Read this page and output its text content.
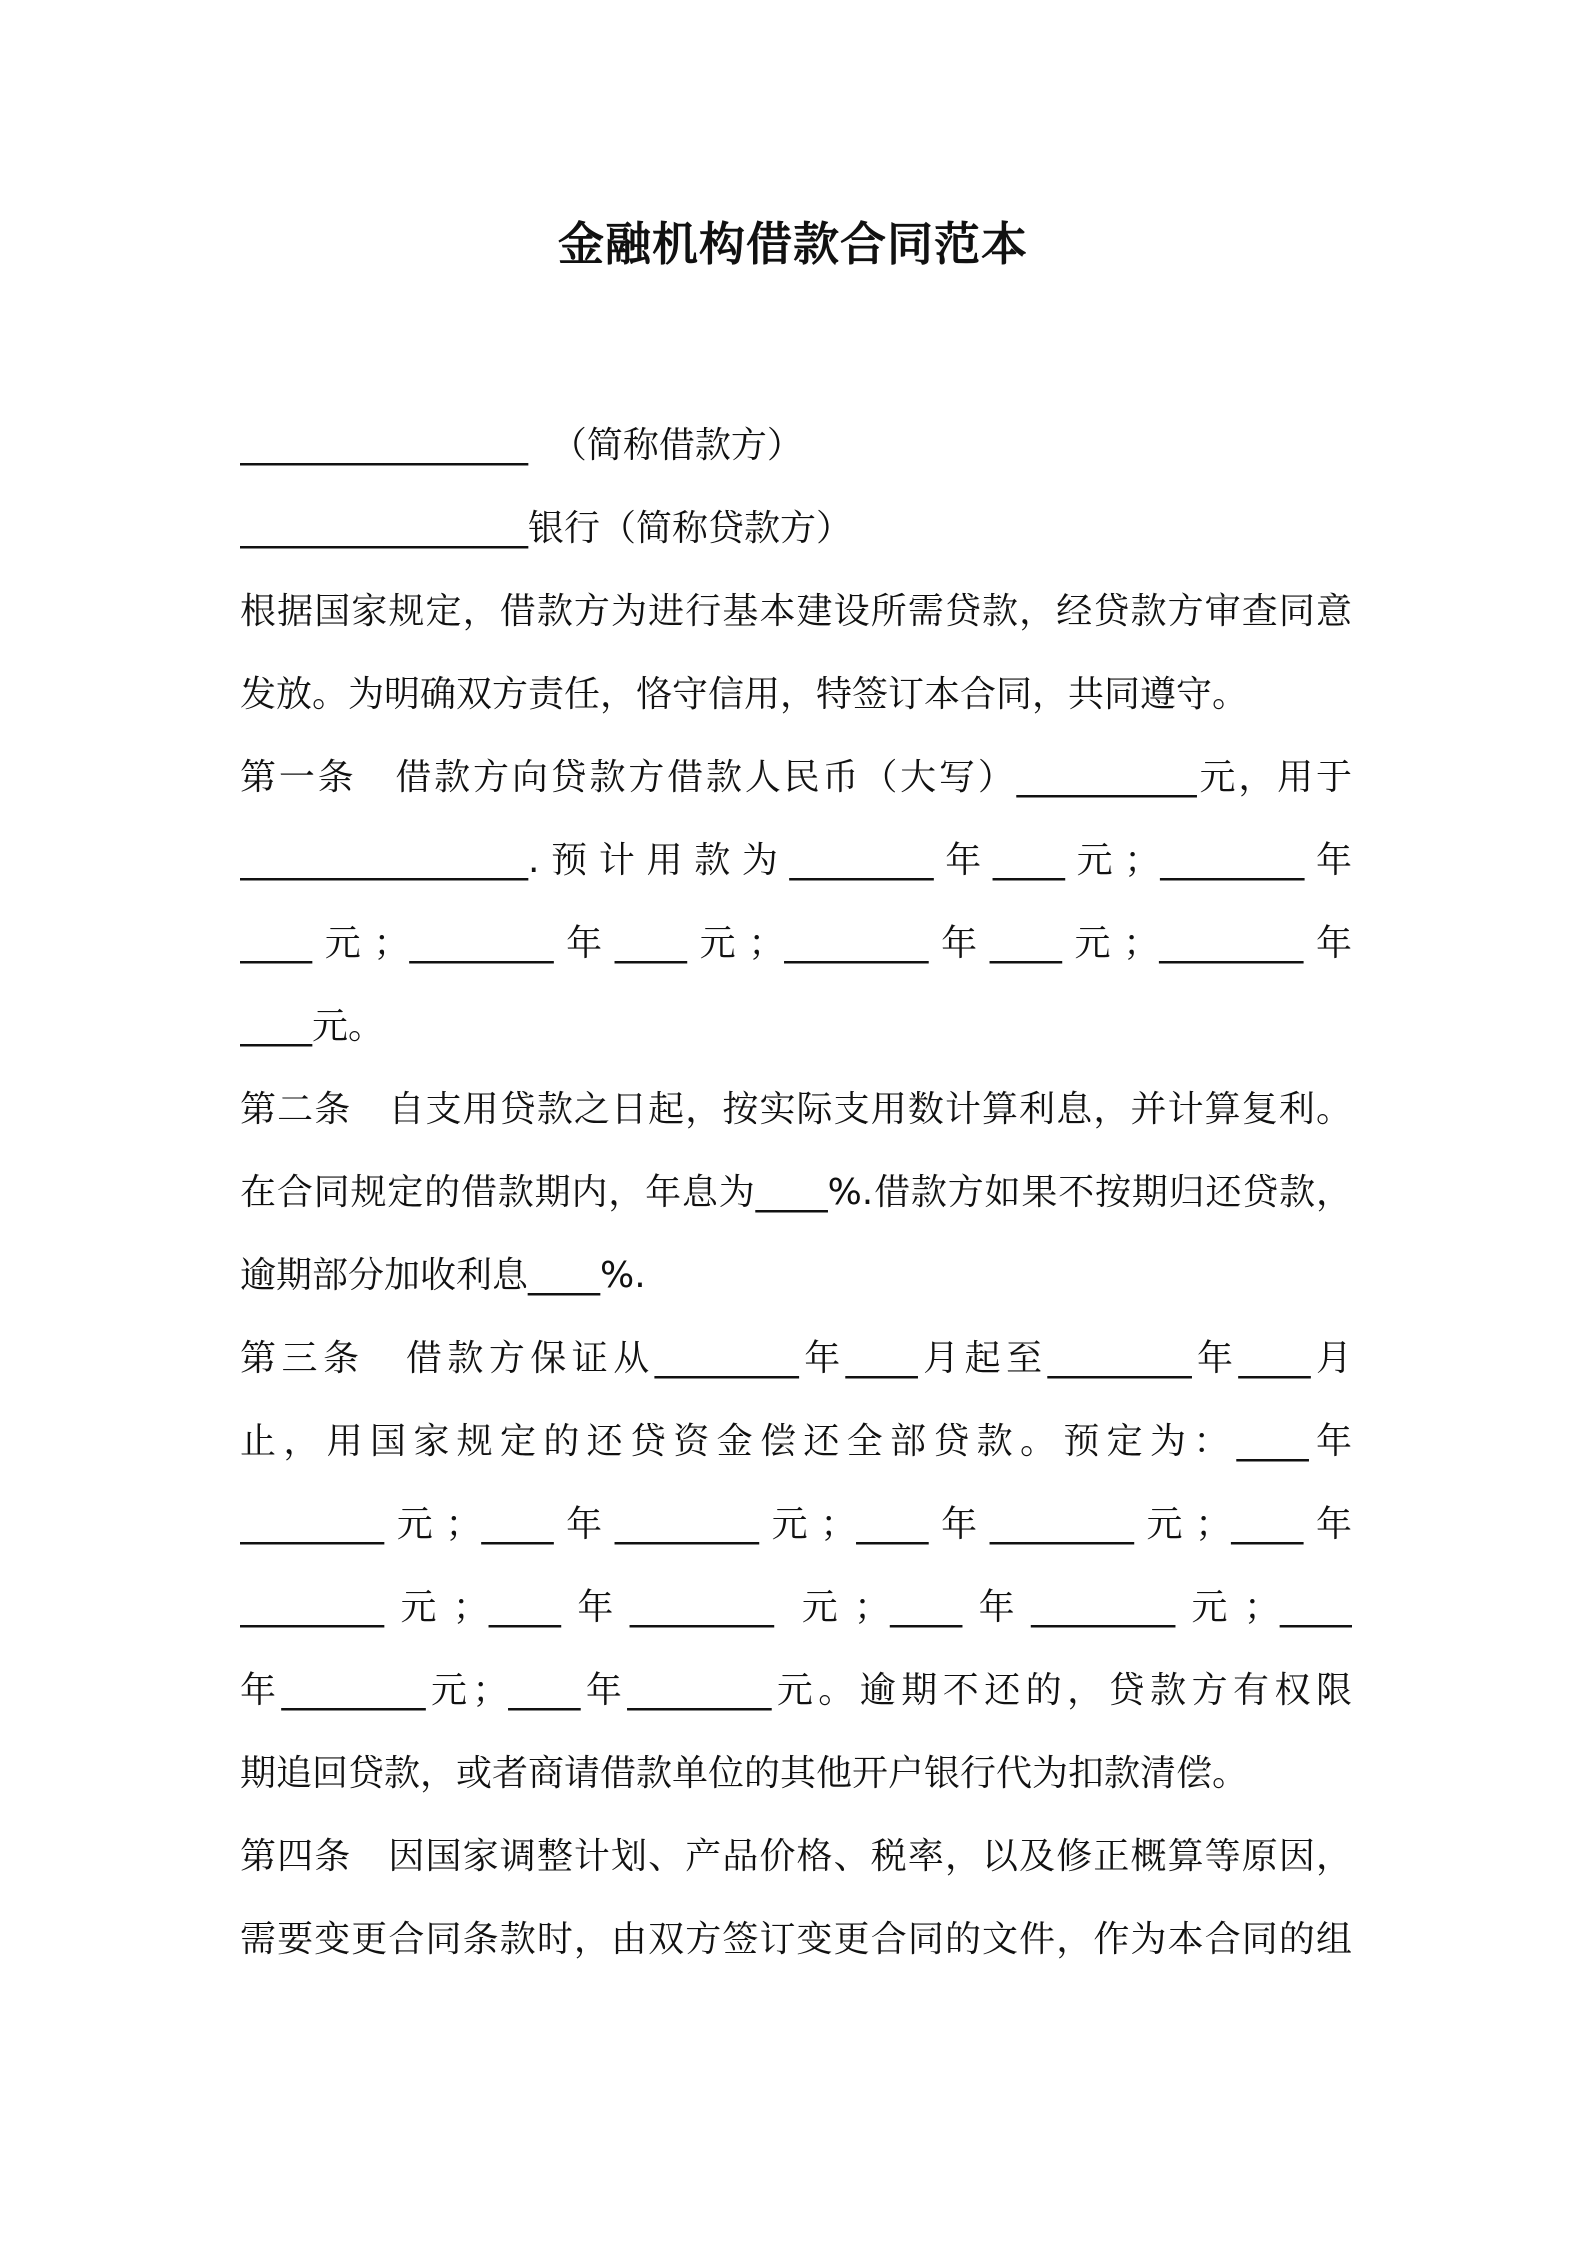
金融机构借款合同范本
________________  （简称借款方）
________________银行（简称贷款方）
根据国家规定，借款方为进行基本建设所需贷款，经贷款方审查同意
发放。为明确双方责任，恪守信用，特签订本合同，共同遵守。
第一条　借款方向贷款方借款人民币（大写）__________元，用于
________________.预计用款为________年____元；________年
____元；________年____元；________年____元；________年
____元。
第二条　自支用贷款之日起，按实际支用数计算利息，并计算复利。
在合同规定的借款期内，年息为____%.借款方如果不按期归还贷款，
逾期部分加收利息____%.
第三条　借款方保证从________年____月起至________年____月
止，用国家规定的还贷资金偿还全部贷款。预定为：____年
________元；____年________元；____年________元；____年
________元；____年________ 元；____年________元；____
年________元；____年________元。逾期不还的，贷款方有权限
期追回贷款，或者商请借款单位的其他开户银行代为扣款清偿。
第四条　因国家调整计划、产品价格、税率，以及修正概算等原因，
需要变更合同条款时，由双方签订变更合同的文件，作为本合同的组
